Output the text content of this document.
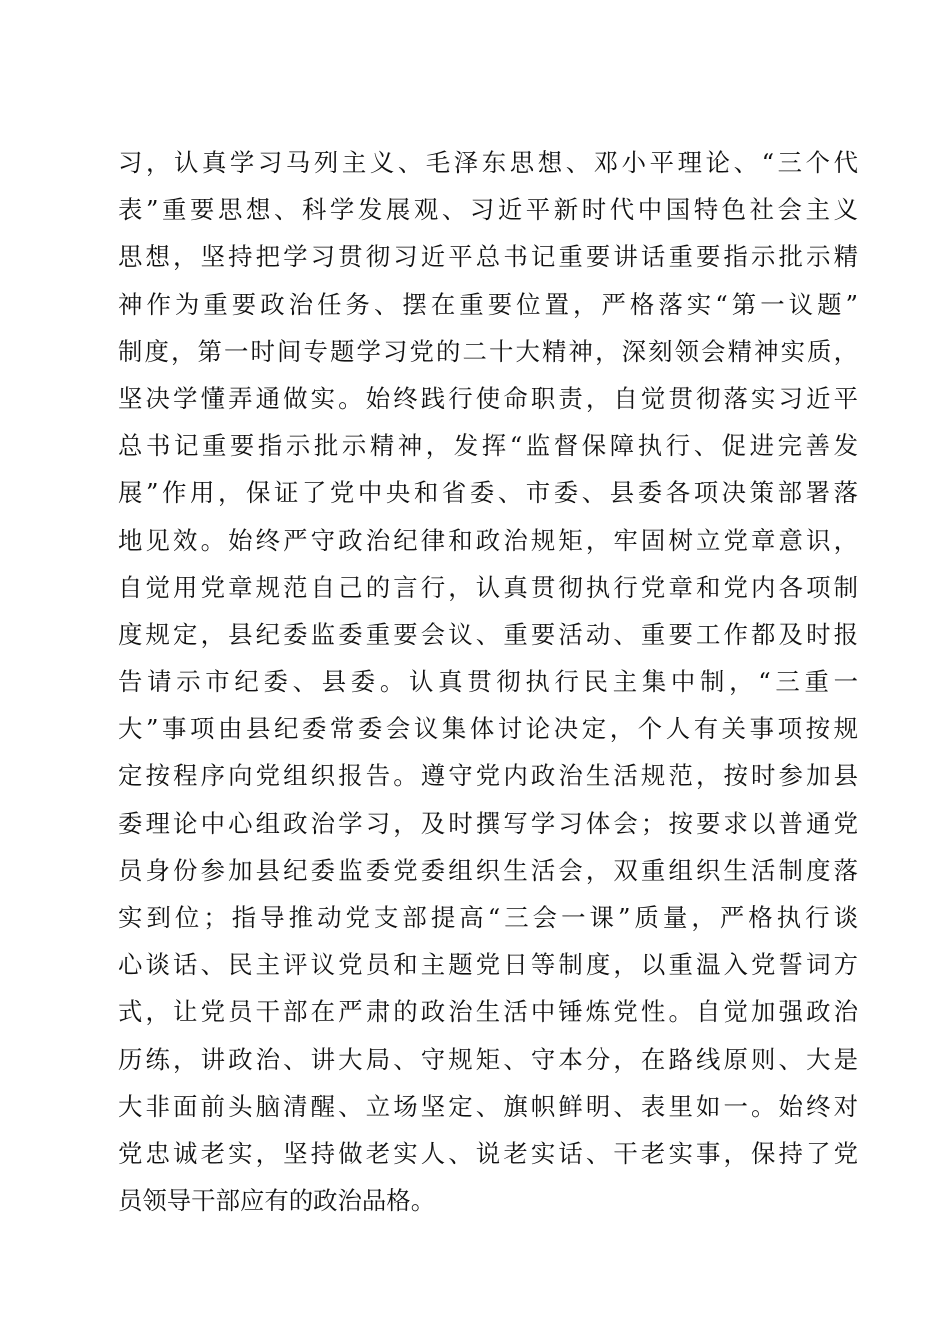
习，认真学习马列主义、毛泽东思想、邓小平理论、“三个代
表”重要思想、科学发展观、习近平新时代中国特色社会主义
思想，坚持把学习贯彻习近平总书记重要讲话重要指示批示精
神作为重要政治任务、摆在重要位置，严格落实“第一议题”
制度，第一时间专题学习党的二十大精神，深刻领会精神实质，
坚决学懂弄通做实。始终践行使命职责，自觉贯彻落实习近平
总书记重要指示批示精神，发挥“监督保障执行、促进完善发
展”作用，保证了党中央和省委、市委、县委各项决策部署落
地见效。始终严守政治纪律和政治规矩，牢固树立党章意识，
自觉用党章规范自己的言行，认真贯彻执行党章和党内各项制
度规定，县纪委监委重要会议、重要活动、重要工作都及时报
告请示市纪委、县委。认真贯彻执行民主集中制，“三重一
大”事项由县纪委常委会议集体讨论决定，个人有关事项按规
定按程序向党组织报告。遵守党内政治生活规范，按时参加县
委理论中心组政治学习，及时撰写学习体会；按要求以普通党
员身份参加县纪委监委党委组织生活会，双重组织生活制度落
实到位；指导推动党支部提高“三会一课”质量，严格执行谈
心谈话、民主评议党员和主题党日等制度，以重温入党誓词方
式，让党员干部在严肃的政治生活中锤炼党性。自觉加强政治
历练，讲政治、讲大局、守规矩、守本分，在路线原则、大是
大非面前头脑清醒、立场坚定、旗帜鲜明、表里如一。始终对
党忠诚老实，坚持做老实人、说老实话、干老实事，保持了党
员领导干部应有的政治品格。
